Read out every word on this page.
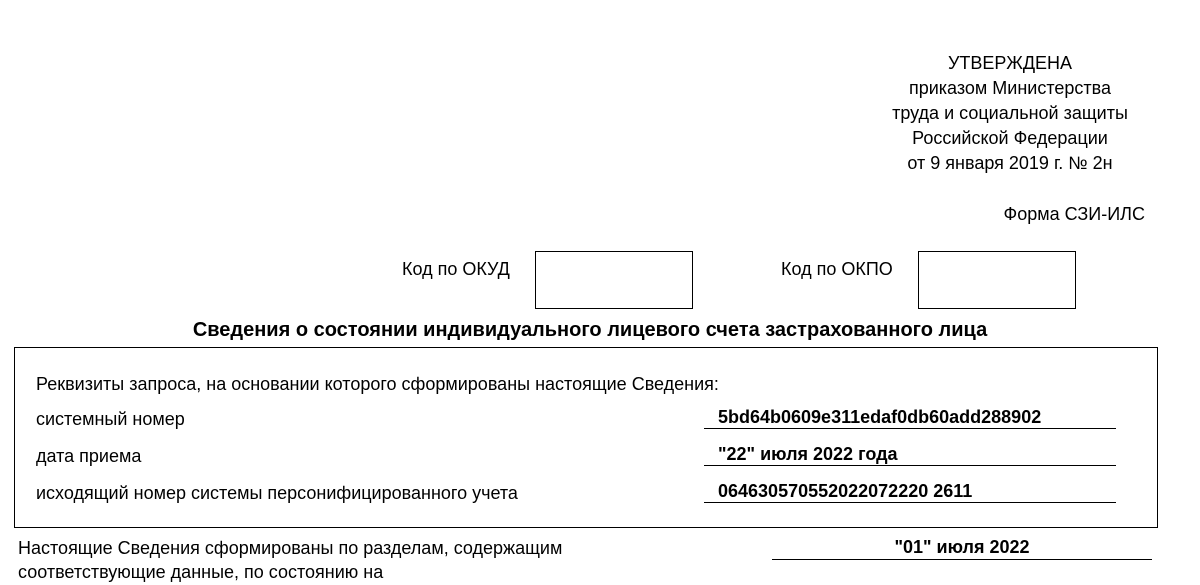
УТВЕРЖДЕНА
приказом Министерства
труда и социальной защиты
Российской Федерации
от 9 января 2019 г. № 2н
Форма СЗИ-ИЛС
Код по ОКУД	Код по ОКПО
Сведения о состоянии индивидуального лицевого счета застрахованного лица
Реквизиты запроса, на основании которого сформированы настоящие Сведения:
системный номер	5bd64b0609e311edaf0db60add288902
дата приема	"22" июля 2022 года
исходящий номер системы персонифицированного учета	064630570552022072220 2611
Настоящие Сведения сформированы по разделам, содержащим
соответствующие данные, по состоянию на
"01" июля 2022
